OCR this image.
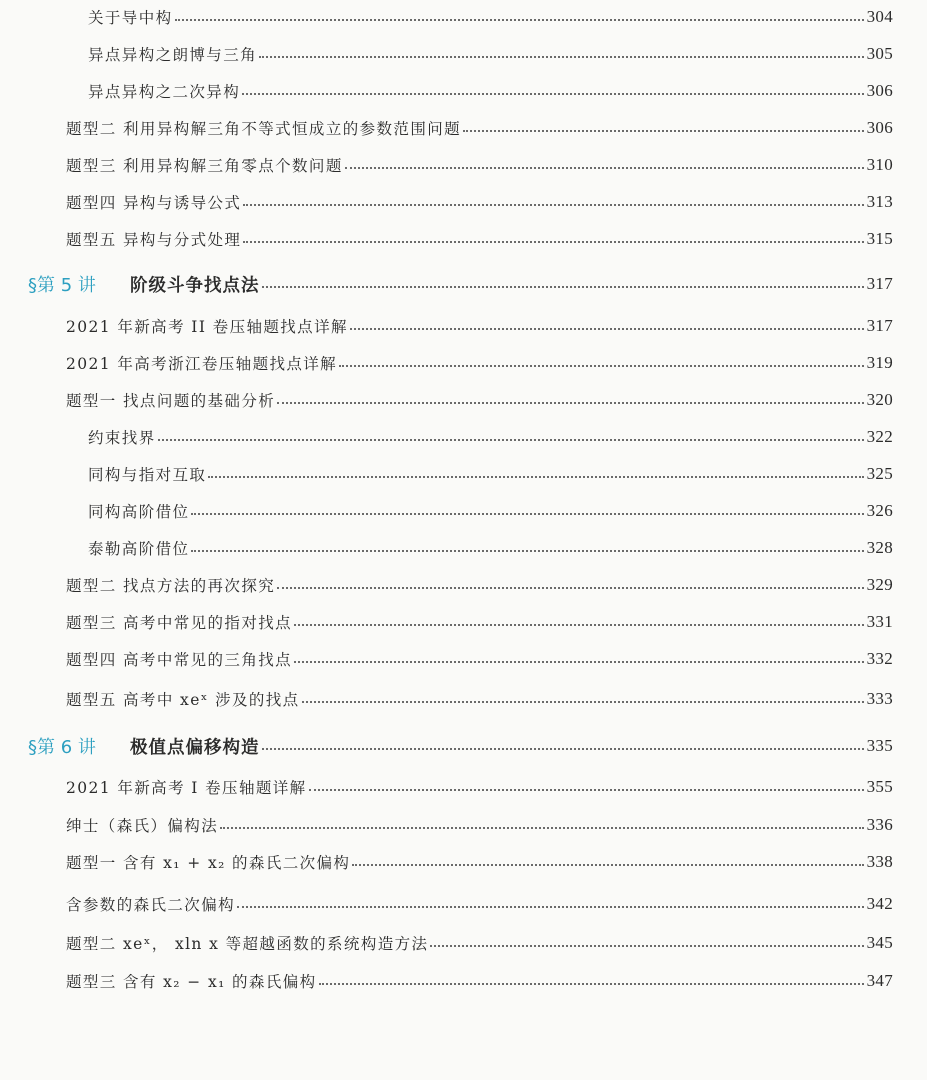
关于导中构	304
异点异构之朗博与三角	305
异点异构之二次异构	306
题型二 利用异构解三角不等式恒成立的参数范围问题	306
题型三 利用异构解三角零点个数问题	310
题型四 异构与诱导公式	313
题型五 异构与分式处理	315
§第 5 讲	阶级斗争找点法	317
2021 年新高考 II 卷压轴题找点详解	317
2021 年高考浙江卷压轴题找点详解	319
题型一 找点问题的基础分析	320
约束找界	322
同构与指对互取	325
同构高阶借位	326
泰勒高阶借位	328
题型二 找点方法的再次探究	329
题型三 高考中常见的指对找点	331
题型四 高考中常见的三角找点	332
题型五 高考中 xeˣ 涉及的找点	333
§第 6 讲	极值点偏移构造	335
2021 年新高考 I 卷压轴题详解	355
绅士（森氏）偏构法	336
题型一 含有 x₁ + x₂ 的森氏二次偏构	338
含参数的森氏二次偏构	342
题型二 xeˣ， xln x 等超越函数的系统构造方法	345
题型三 含有 x₂ − x₁ 的森氏偏构	347
